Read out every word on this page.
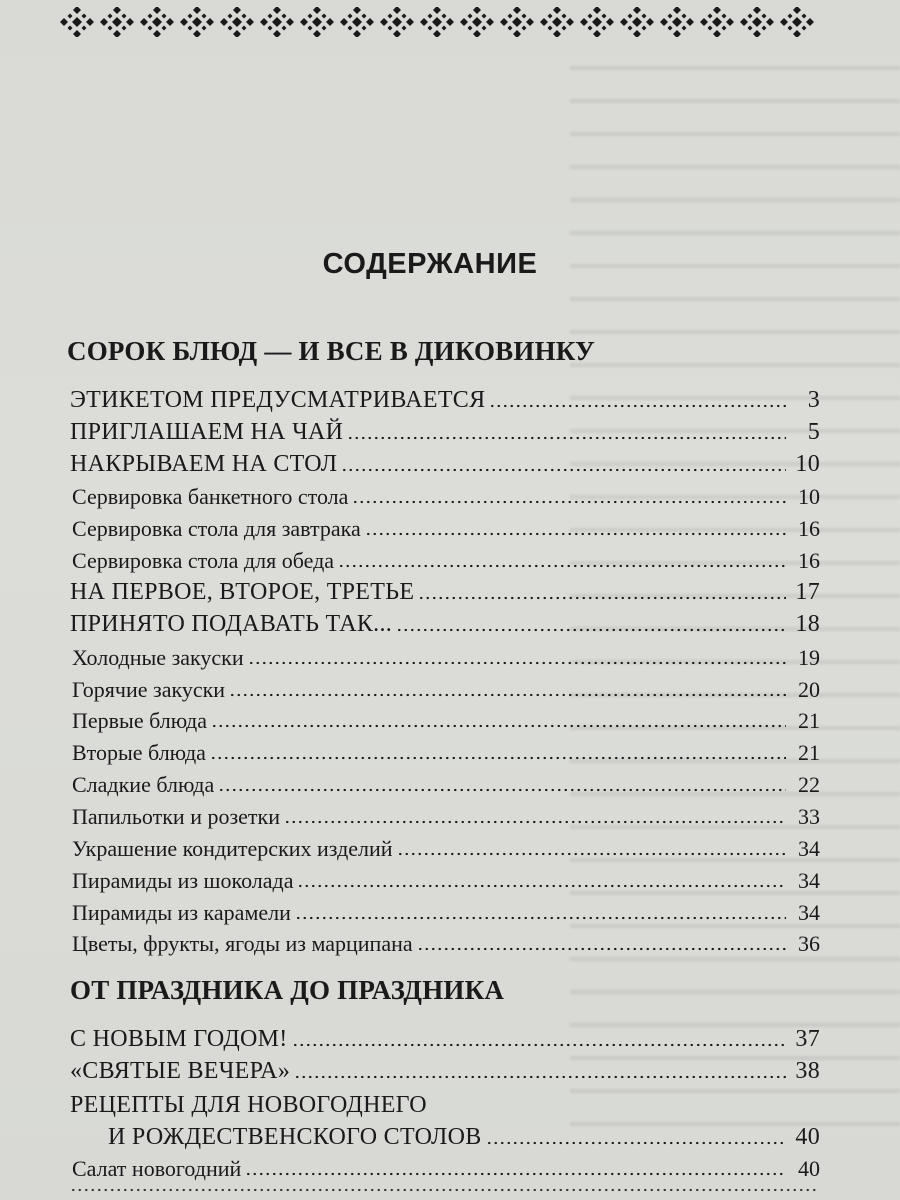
СОДЕРЖАНИЕ
СОРОК БЛЮД — И ВСЕ В ДИКОВИНКУ
ЭТИКЕТОМ ПРЕДУСМАТРИВАЕТСЯ	3
ПРИГЛАШАЕМ НА ЧАЙ	5
НАКРЫВАЕМ НА СТОЛ	10
Сервировка банкетного стола	10
Сервировка стола для завтрака	16
Сервировка стола для обеда	16
НА ПЕРВОЕ, ВТОРОЕ, ТРЕТЬЕ	17
ПРИНЯТО ПОДАВАТЬ ТАК...	18
Холодные закуски	19
Горячие закуски	20
Первые блюда	21
Вторые блюда	21
Сладкие блюда	22
Папильотки и розетки	33
Украшение кондитерских изделий	34
Пирамиды из шоколада	34
Пирамиды из карамели	34
Цветы, фрукты, ягоды из марципана	36
ОТ ПРАЗДНИКА ДО ПРАЗДНИКА
С НОВЫМ ГОДОМ!	37
«СВЯТЫЕ ВЕЧЕРА»	38
РЕЦЕПТЫ ДЛЯ НОВОГОДНЕГО
И РОЖДЕСТВЕНСКОГО СТОЛОВ	40
Салат новогодний	40
